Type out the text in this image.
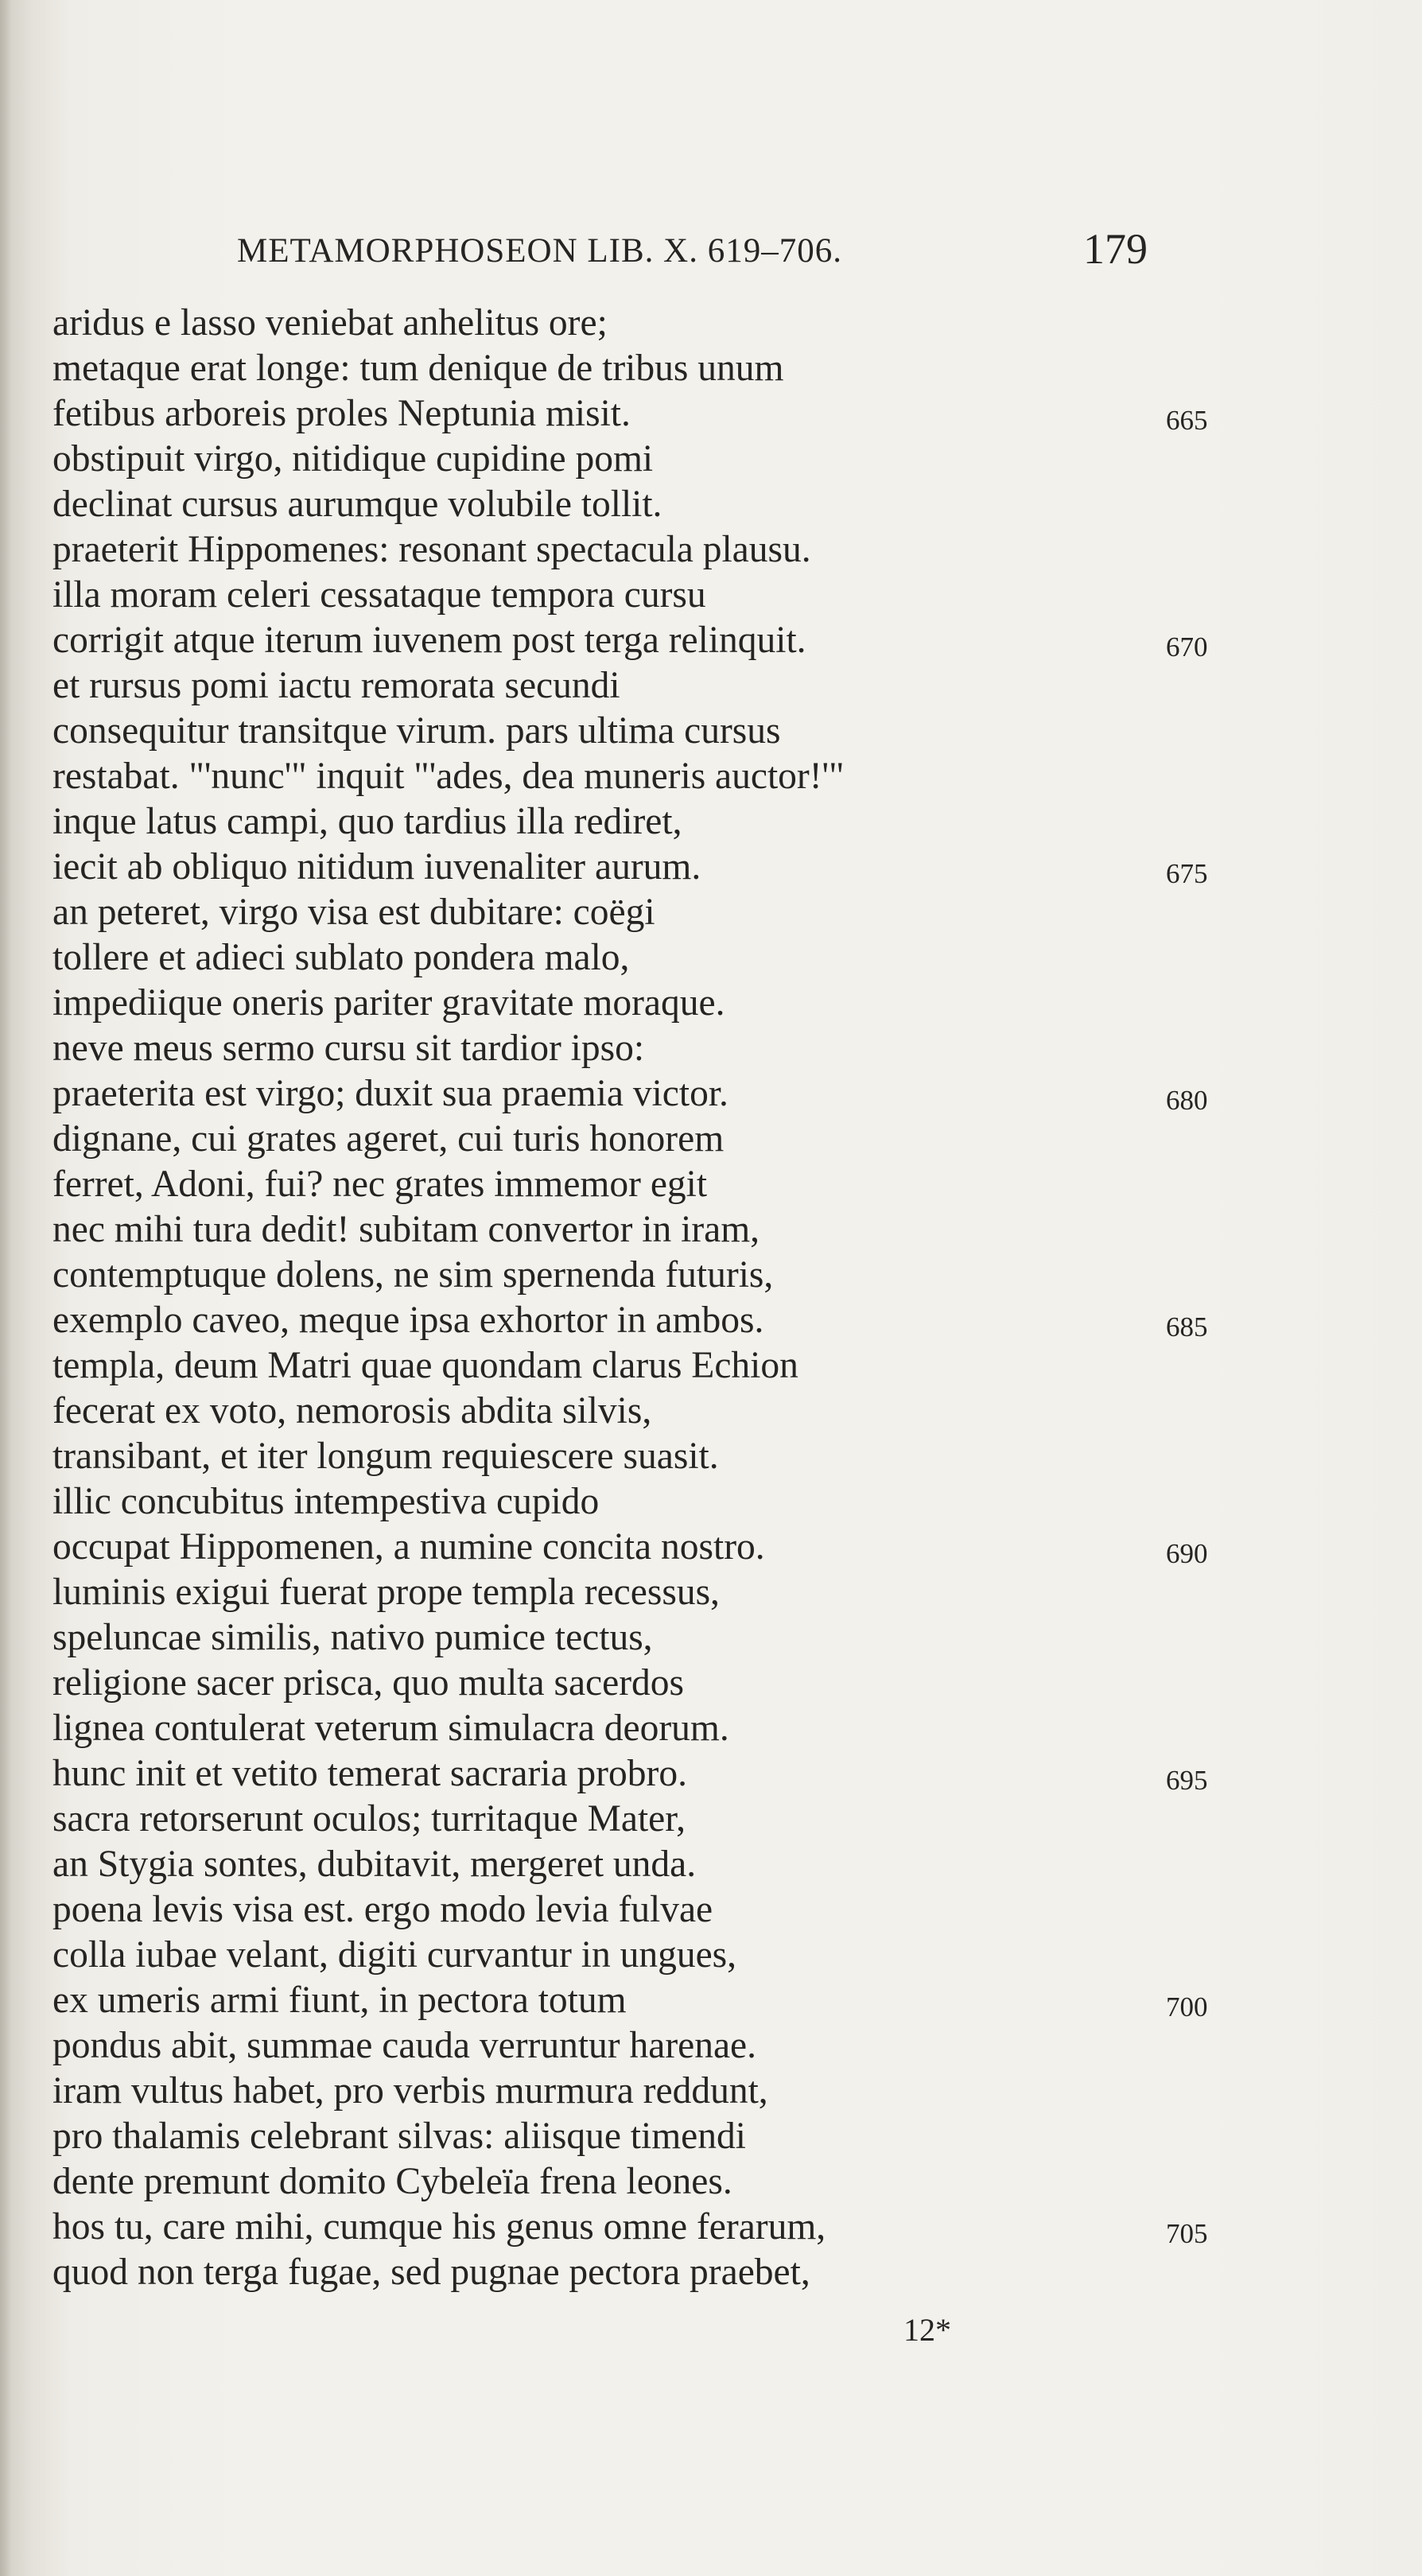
METAMORPHOSEON LIB. X. 619–706.	179
aridus e lasso veniebat anhelitus ore;
metaque erat longe: tum denique de tribus unum
fetibus arboreis proles Neptunia misit.	665
obstipuit virgo, nitidique cupidine pomi
declinat cursus aurumque volubile tollit.
praeterit Hippomenes: resonant spectacula plausu.
illa moram celeri cessataque tempora cursu
corrigit atque iterum iuvenem post terga relinquit.	670
et rursus pomi iactu remorata secundi
consequitur transitque virum. pars ultima cursus
restabat. "'nunc'" inquit "'ades, dea muneris auctor!'"
inque latus campi, quo tardius illa rediret,
iecit ab obliquo nitidum iuvenaliter aurum.	675
an peteret, virgo visa est dubitare: coëgi
tollere et adieci sublato pondera malo,
impediique oneris pariter gravitate moraque.
neve meus sermo cursu sit tardior ipso:
praeterita est virgo; duxit sua praemia victor.	680
dignane, cui grates ageret, cui turis honorem
ferret, Adoni, fui? nec grates immemor egit
nec mihi tura dedit! subitam convertor in iram,
contemptuque dolens, ne sim spernenda futuris,
exemplo caveo, meque ipsa exhortor in ambos.	685
templa, deum Matri quae quondam clarus Echion
fecerat ex voto, nemorosis abdita silvis,
transibant, et iter longum requiescere suasit.
illic concubitus intempestiva cupido
occupat Hippomenen, a numine concita nostro.	690
luminis exigui fuerat prope templa recessus,
speluncae similis, nativo pumice tectus,
religione sacer prisca, quo multa sacerdos
lignea contulerat veterum simulacra deorum.
hunc init et vetito temerat sacraria probro.	695
sacra retorserunt oculos; turritaque Mater,
an Stygia sontes, dubitavit, mergeret unda.
poena levis visa est. ergo modo levia fulvae
colla iubae velant, digiti curvantur in ungues,
ex umeris armi fiunt, in pectora totum	700
pondus abit, summae cauda verruntur harenae.
iram vultus habet, pro verbis murmura reddunt,
pro thalamis celebrant silvas: aliisque timendi
dente premunt domito Cybeleïa frena leones.
hos tu, care mihi, cumque his genus omne ferarum,	705
quod non terga fugae, sed pugnae pectora praebet,
12*
